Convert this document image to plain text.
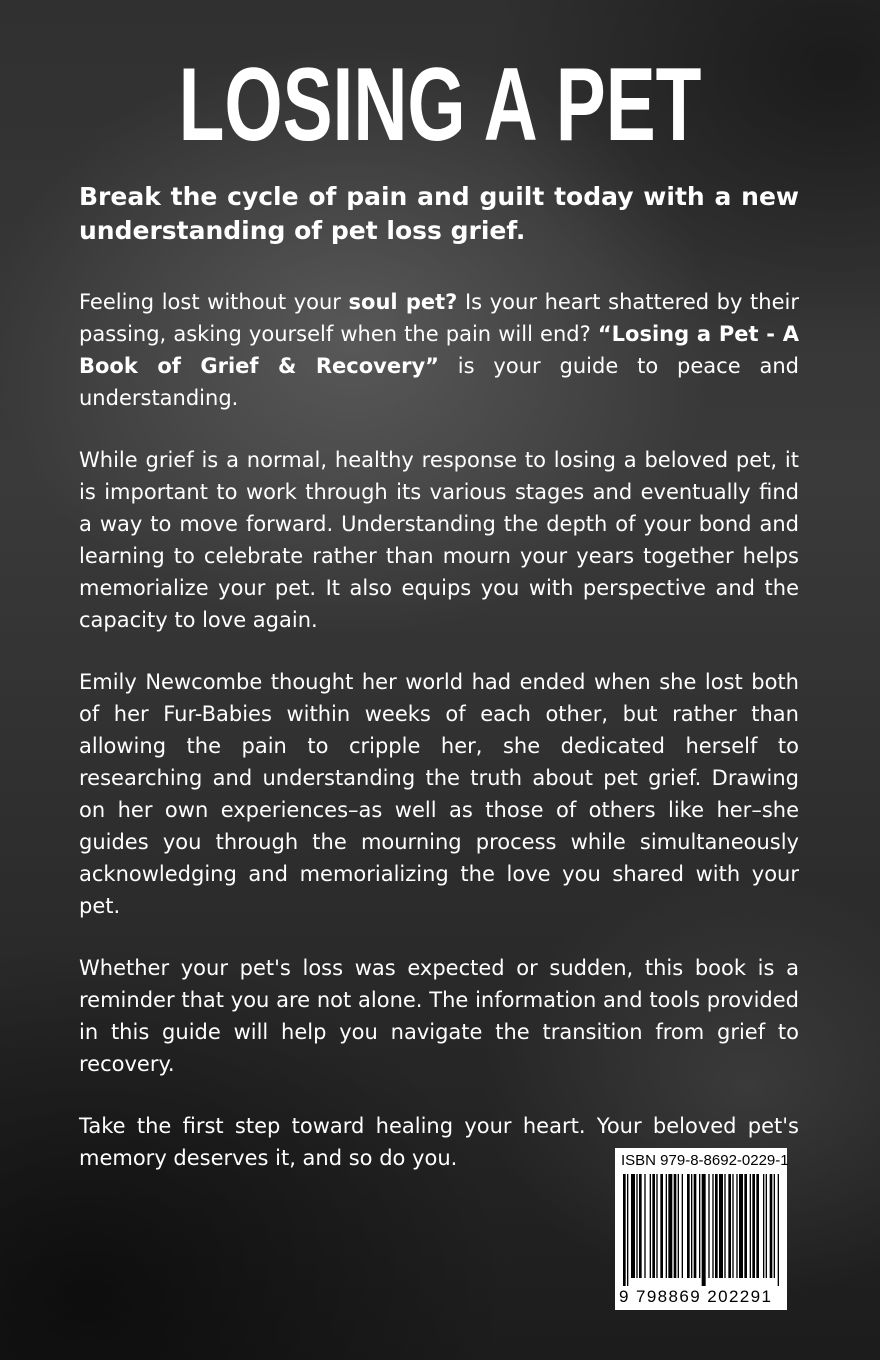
LOSING A PET

Break the cycle of pain and guilt today with a new understanding of pet loss grief.

Feeling lost without your soul pet? Is your heart shattered by their passing, asking yourself when the pain will end? “Losing a Pet - A Book of Grief & Recovery” is your guide to peace and understanding.

While grief is a normal, healthy response to losing a beloved pet, it is important to work through its various stages and eventually find a way to move forward. Understanding the depth of your bond and learning to celebrate rather than mourn your years together helps memorialize your pet. It also equips you with perspective and the capacity to love again.

Emily Newcombe thought her world had ended when she lost both of her Fur-Babies within weeks of each other, but rather than allowing the pain to cripple her, she dedicated herself to researching and understanding the truth about pet grief. Drawing on her own experiences–as well as those of others like her–she guides you through the mourning process while simultaneously acknowledging and memorializing the love you shared with your pet.

Whether your pet's loss was expected or sudden, this book is a reminder that you are not alone. The information and tools provided in this guide will help you navigate the transition from grief to recovery.

Take the first step toward healing your heart. Your beloved pet's memory deserves it, and so do you.	ISBN 979-8-8692-0229-1
9 798869 202291
